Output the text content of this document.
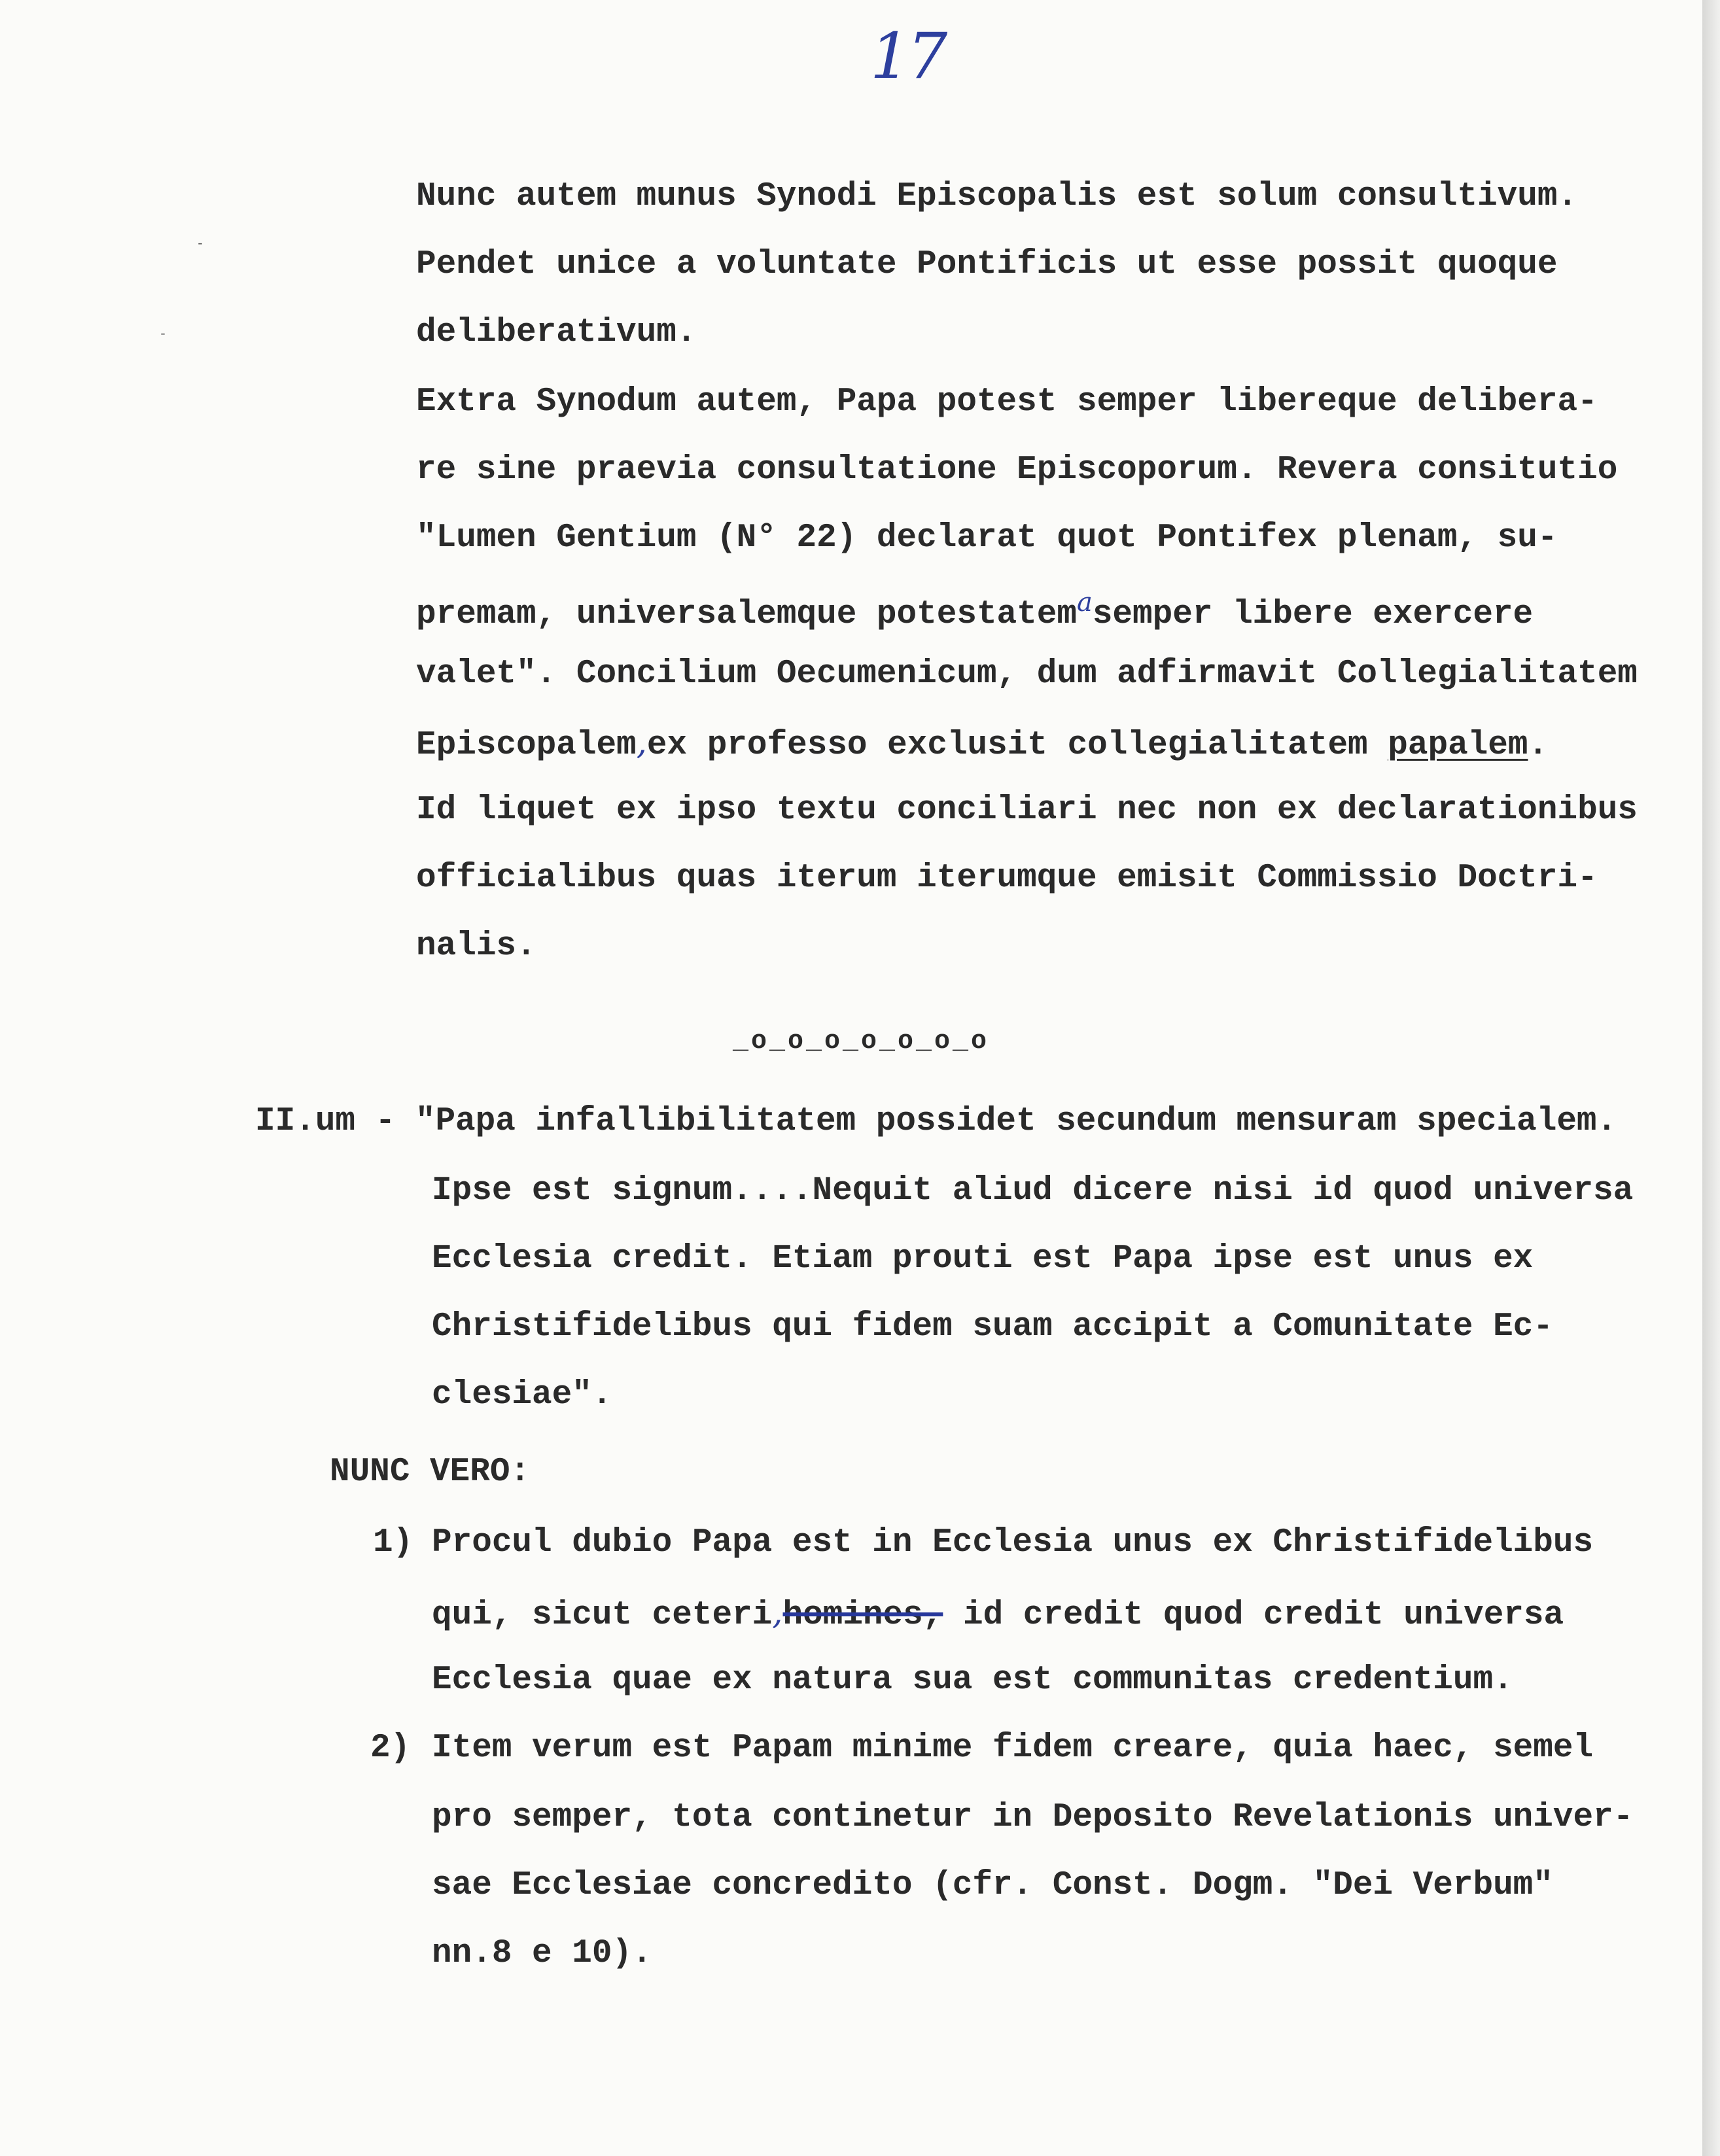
17
-
-
Nunc autem munus Synodi Episcopalis est solum consultivum.
Pendet unice a voluntate Pontificis ut esse possit quoque
deliberativum.
Extra Synodum autem, Papa potest semper libereque delibera-
re sine praevia consultatione Episcoporum. Revera consitutio
"Lumen Gentium (N° 22) declarat quot Pontifex plenam, su-
premam, universalemque potestatem$^a$semper libere exercere
valet". Concilium Oecumenicum, dum adfirmavit Collegialitatem
Episcopalem,ex professo exclusit collegialitatem papalem.
Id liquet ex ipso textu conciliari nec non ex declarationibus
officialibus quas iterum iterumque emisit Commissio Doctri-
nalis.
_o_o_o_o_o_o_o
II.um - "Papa infallibilitatem possidet secundum mensuram specialem.
Ipse est signum....Nequit aliud dicere nisi id quod universa
Ecclesia credit. Etiam prouti est Papa ipse est unus ex
Christifidelibus qui fidem suam accipit a Comunitate Ec-
clesiae".
NUNC VERO:
1) Procul dubio Papa est in Ecclesia unus ex Christifidelibus
qui, sicut ceteri,homines, id credit quod credit universa
Ecclesia quae ex natura sua est communitas credentium.
2) Item verum est Papam minime fidem creare, quia haec, semel
pro semper, tota continetur in Deposito Revelationis univer-
sae Ecclesiae concredito (cfr. Const. Dogm. "Dei Verbum"
nn.8 e 10).
